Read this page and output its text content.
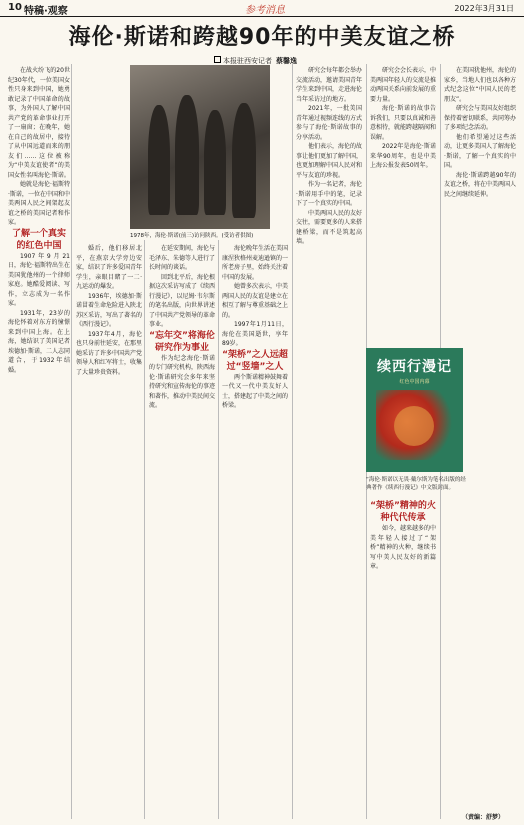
10 特稿·观察	参考消息	2022年3月31日
海伦·斯诺和跨越90年的中美友谊之桥
本报驻西安记者 蔡馨逸

在战火纷飞的20世纪30年代，一位美国女性只身来到中国，她勇敢记录了中国革命的故事，为外国人了解中国共产党的革命事业打开了一扇窗；在晚年，她在自己的故居中，接待了从中国远道而来的朋友们……这位被称为“中美友谊使者”的美国女性名叫海伦·斯诺。

她就是海伦·福斯特·斯诺，一位在中国和中美两国人民之间架起友谊之桥的美国记者和作家。

了解一个真实的红色中国

1907年9月21日，海伦·福斯特出生在美国犹他州的一个律师家庭。她酷爱阅读、写作，立志成为一名作家。

1931年，23岁的海伦怀着对东方的憧憬来到中国上海。在上海，她结识了美国记者埃德加·斯诺，二人志同道合，于1932年结婚。

1978年，海伦·斯诺(前三)访问陕西。(受访者供图)

婚后，他们移居北平，在燕京大学旁边安家，结识了许多爱国青年学生，亲眼目睹了一二·九运动的爆发。

1936年，埃德加·斯诺冒着生命危险进入陕北苏区采访，写出了著名的《西行漫记》。

1937年4月，海伦也只身前往延安，在那里她采访了许多中国共产党领导人和红军将士，收集了大量珍贵资料。

在延安期间，海伦与毛泽东、朱德等人进行了长时间的谈话。

回到北平后，海伦根据这次采访写成了《续西行漫记》，以尼姆·韦尔斯的笔名出版，向世界讲述了中国共产党领导的革命事业。

“忘年交”将海伦研究作为事业

作为纪念海伦·斯诺的专门研究机构，陕西海伦·斯诺研究会多年来坚持研究和宣传海伦的事迹和著作，推动中美民间交流。

海伦晚年生活在美国康涅狄格州麦迪逊镇的一所老房子里，始终关注着中国的发展。

她曾多次表示，中美两国人民的友谊是建立在相互了解与尊重基础之上的。

1997年1月11日，海伦在美国逝世，享年89岁。

“架桥”之人远超过“竖墙”之人

两个斯诺精神鼓舞着一代又一代中美友好人士，搭建起了中美之间的桥梁。

研究会每年都会举办交流活动，邀请美国青年学生来到中国，走进海伦当年采访过的地方。

2021年，一批美国青年通过视频连线的方式参与了海伦·斯诺故事的分享活动。

他们表示，海伦的故事让他们更加了解中国，也更加理解中国人民对和平与友谊的珍视。

作为一名记者，海伦·斯诺用手中的笔，记录下了一个真实的中国。

中美两国人民的友好交往，需要更多的人来搭建桥梁，而不是筑起高墙。

续西行漫记
红色中国内幕
“海伦·斯诺以无畏·戴尔斯为笔名出版的经典著作《续西行漫记》中文版封面。

研究会会长表示，中美两国年轻人的交流是推动两国关系向前发展的重要力量。

海伦·斯诺的故事告诉我们，只要以真诚和善意相待，就能跨越隔阂和误解。

2022年是海伦·斯诺来华90周年，也是中美上海公报发表50周年。

“架桥”精神的火种代代传承

如今，越来越多的中美年轻人接过了“架桥”精神的火种，继续书写中美人民友好的新篇章。

在美国犹他州，海伦的家乡，当地人们也以各种方式纪念这位“中国人民的老朋友”。

研究会与美国友好组织保持着密切联系，共同筹办了多项纪念活动。

他们希望通过这些活动，让更多美国人了解海伦·斯诺，了解一个真实的中国。

海伦·斯诺跨越90年的友谊之桥，将在中美两国人民之间继续延伸。

（责编：舒梦）
